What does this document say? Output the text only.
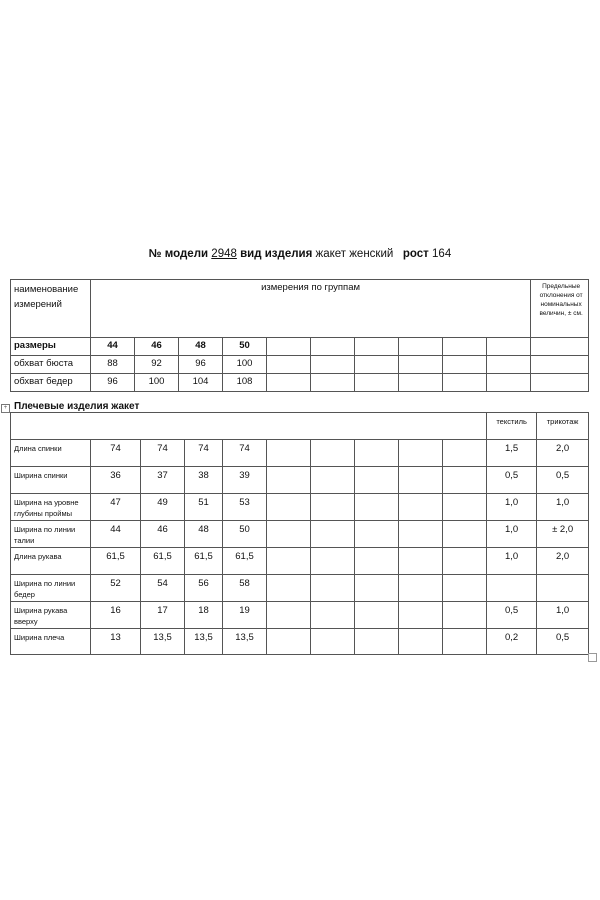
№ модели 2948 вид изделия жакет женский рост 164
наименование измерений	измерения по группам										Предельные отклонения от номинальных величин, ± см.
размеры	44	46	48	50							
обхват бюста	88	92	96	100							
обхват бедер	96	100	104	108							
+ Плечевые изделия жакет
										текстиль	трикотаж
Длина спинки	74	74	74	74						1,5	2,0
Ширина спинки	36	37	38	39						0,5	0,5
Ширина на уровне глубины проймы	47	49	51	53						1,0	1,0
Ширина по линии талии	44	46	48	50						1,0	± 2,0
Длина рукава	61,5	61,5	61,5	61,5						1,0	2,0
Ширина по линии бедер	52	54	56	58							
Ширина рукава вверху	16	17	18	19						0,5	1,0
Ширина плеча	13	13,5	13,5	13,5						0,2	0,5
